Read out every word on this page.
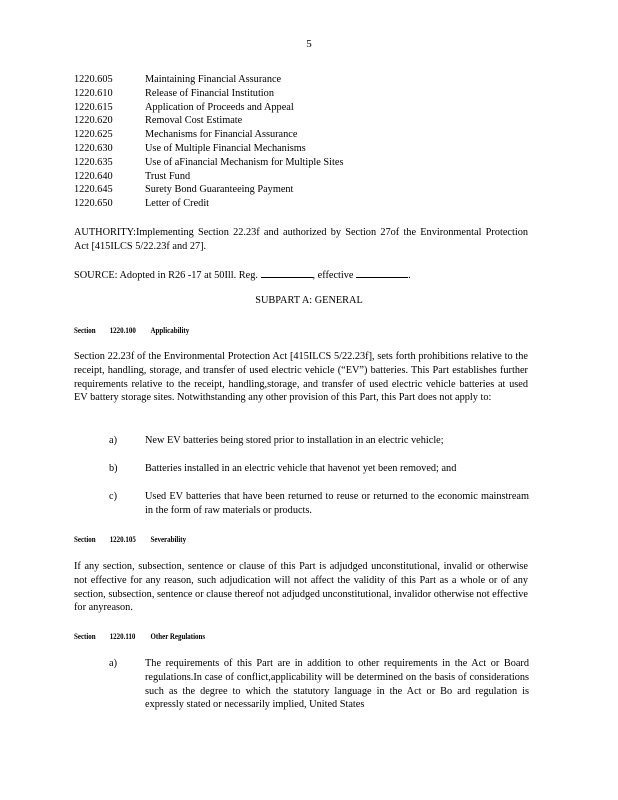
5
1220.605	Maintaining Financial Assurance
1220.610	Release of Financial Institution
1220.615	Application of Proceeds and Appeal
1220.620	Removal Cost Estimate
1220.625	Mechanisms for Financial Assurance
1220.630	Use of Multiple Financial Mechanisms
1220.635	Use of aFinancial Mechanism for Multiple Sites
1220.640	Trust Fund
1220.645	Surety Bond Guaranteeing Payment
1220.650	Letter of Credit
AUTHORITY:Implementing Section 22.23f and authorized by Section 27of the Environmental Protection Act [415ILCS 5/22.23f and 27].
SOURCE: Adopted in R26 -17 at 50Ill. Reg.	, effective	.
SUBPART A: GENERAL
Section	1220.100	Applicability
Section 22.23f of the Environmental Protection Act [415ILCS 5/22.23f], sets forth prohibitions relative to the receipt, handling, storage, and transfer of used electric vehicle (“EV”) batteries. This Part establishes further requirements relative to the receipt, handling,storage, and transfer of used electric vehicle batteries at used EV battery storage sites. Notwithstanding any other provision of this Part, this Part does not apply to:
a)	New EV batteries being stored prior to installation in an electric vehicle;
b)	Batteries installed in an electric vehicle that havenot yet been removed; and
c)	Used EV batteries that have been returned to reuse or returned to the economic mainstream in the form of raw materials or products.
Section	1220.105	Severability
If any section, subsection, sentence or clause of this Part is adjudged unconstitutional, invalid or otherwise not effective for any reason, such adjudication will not affect the validity of this Part as a whole or of any section, subsection, sentence or clause thereof not adjudged unconstitutional, invalidor otherwise not effective for anyreason.
Section	1220.110	Other Regulations
a)	The requirements of this Part are in addition to other requirements in the Act or Board regulations.In case of conflict,applicability will be determined on the basis of considerations such as the degree to which the statutory language in the Act or Bo ard regulation is expressly stated or necessarily implied, United States
